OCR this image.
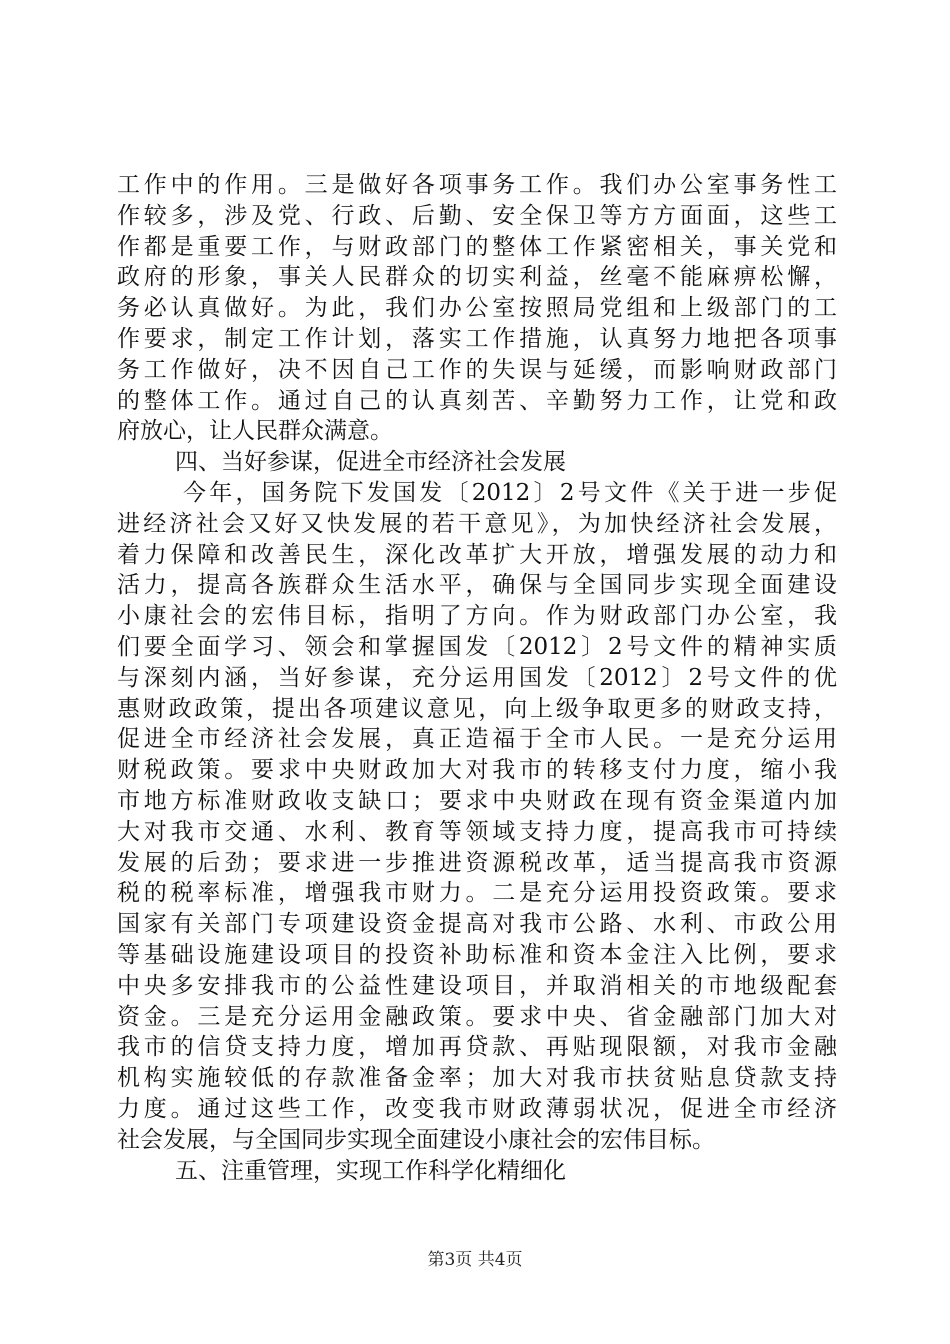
工作中的作用。三是做好各项事务工作。我们办公室事务性工
作较多，涉及党、行政、后勤、安全保卫等方方面面，这些工
作都是重要工作，与财政部门的整体工作紧密相关，事关党和
政府的形象，事关人民群众的切实利益，丝毫不能麻痹松懈，
务必认真做好。为此，我们办公室按照局党组和上级部门的工
作要求，制定工作计划，落实工作措施，认真努力地把各项事
务工作做好，决不因自己工作的失误与延缓，而影响财政部门
的整体工作。通过自己的认真刻苦、辛勤努力工作，让党和政
府放心，让人民群众满意。
四、当好参谋，促进全市经济社会发展
今年，国务院下发国发〔2012〕2号文件《关于进一步促
进经济社会又好又快发展的若干意见》，为加快经济社会发展，
着力保障和改善民生，深化改革扩大开放，增强发展的动力和
活力，提高各族群众生活水平，确保与全国同步实现全面建设
小康社会的宏伟目标，指明了方向。作为财政部门办公室，我
们要全面学习、领会和掌握国发〔2012〕2号文件的精神实质
与深刻内涵，当好参谋，充分运用国发〔2012〕2号文件的优
惠财政政策，提出各项建议意见，向上级争取更多的财政支持，
促进全市经济社会发展，真正造福于全市人民。一是充分运用
财税政策。要求中央财政加大对我市的转移支付力度，缩小我
市地方标准财政收支缺口；要求中央财政在现有资金渠道内加
大对我市交通、水利、教育等领域支持力度，提高我市可持续
发展的后劲；要求进一步推进资源税改革，适当提高我市资源
税的税率标准，增强我市财力。二是充分运用投资政策。要求
国家有关部门专项建设资金提高对我市公路、水利、市政公用
等基础设施建设项目的投资补助标准和资本金注入比例，要求
中央多安排我市的公益性建设项目，并取消相关的市地级配套
资金。三是充分运用金融政策。要求中央、省金融部门加大对
我市的信贷支持力度，增加再贷款、再贴现限额，对我市金融
机构实施较低的存款准备金率；加大对我市扶贫贴息贷款支持
力度。通过这些工作，改变我市财政薄弱状况，促进全市经济
社会发展，与全国同步实现全面建设小康社会的宏伟目标。
五、注重管理，实现工作科学化精细化
第3页 共4页
